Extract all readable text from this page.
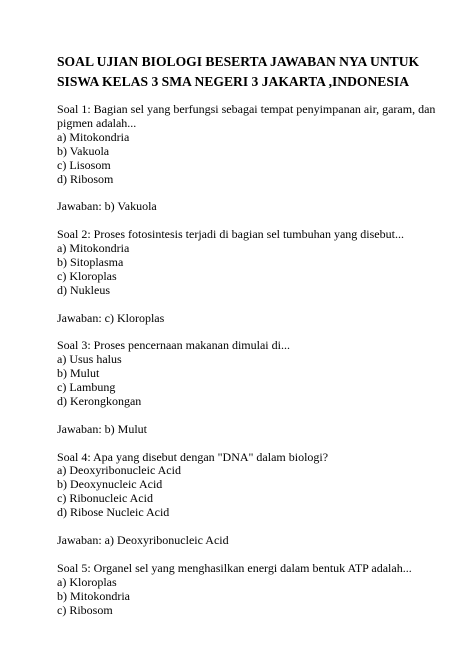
SOAL UJIAN BIOLOGI BESERTA JAWABAN NYA UNTUK
SISWA KELAS 3 SMA NEGERI 3 JAKARTA ,INDONESIA
Soal 1: Bagian sel yang berfungsi sebagai tempat penyimpanan air, garam, dan
pigmen adalah...
a) Mitokondria
b) Vakuola
c) Lisosom
d) Ribosom
Jawaban: b) Vakuola
Soal 2: Proses fotosintesis terjadi di bagian sel tumbuhan yang disebut...
a) Mitokondria
b) Sitoplasma
c) Kloroplas
d) Nukleus
Jawaban: c) Kloroplas
Soal 3: Proses pencernaan makanan dimulai di...
a) Usus halus
b) Mulut
c) Lambung
d) Kerongkongan
Jawaban: b) Mulut
Soal 4: Apa yang disebut dengan "DNA" dalam biologi?
a) Deoxyribonucleic Acid
b) Deoxynucleic Acid
c) Ribonucleic Acid
d) Ribose Nucleic Acid
Jawaban: a) Deoxyribonucleic Acid
Soal 5: Organel sel yang menghasilkan energi dalam bentuk ATP adalah...
a) Kloroplas
b) Mitokondria
c) Ribosom
